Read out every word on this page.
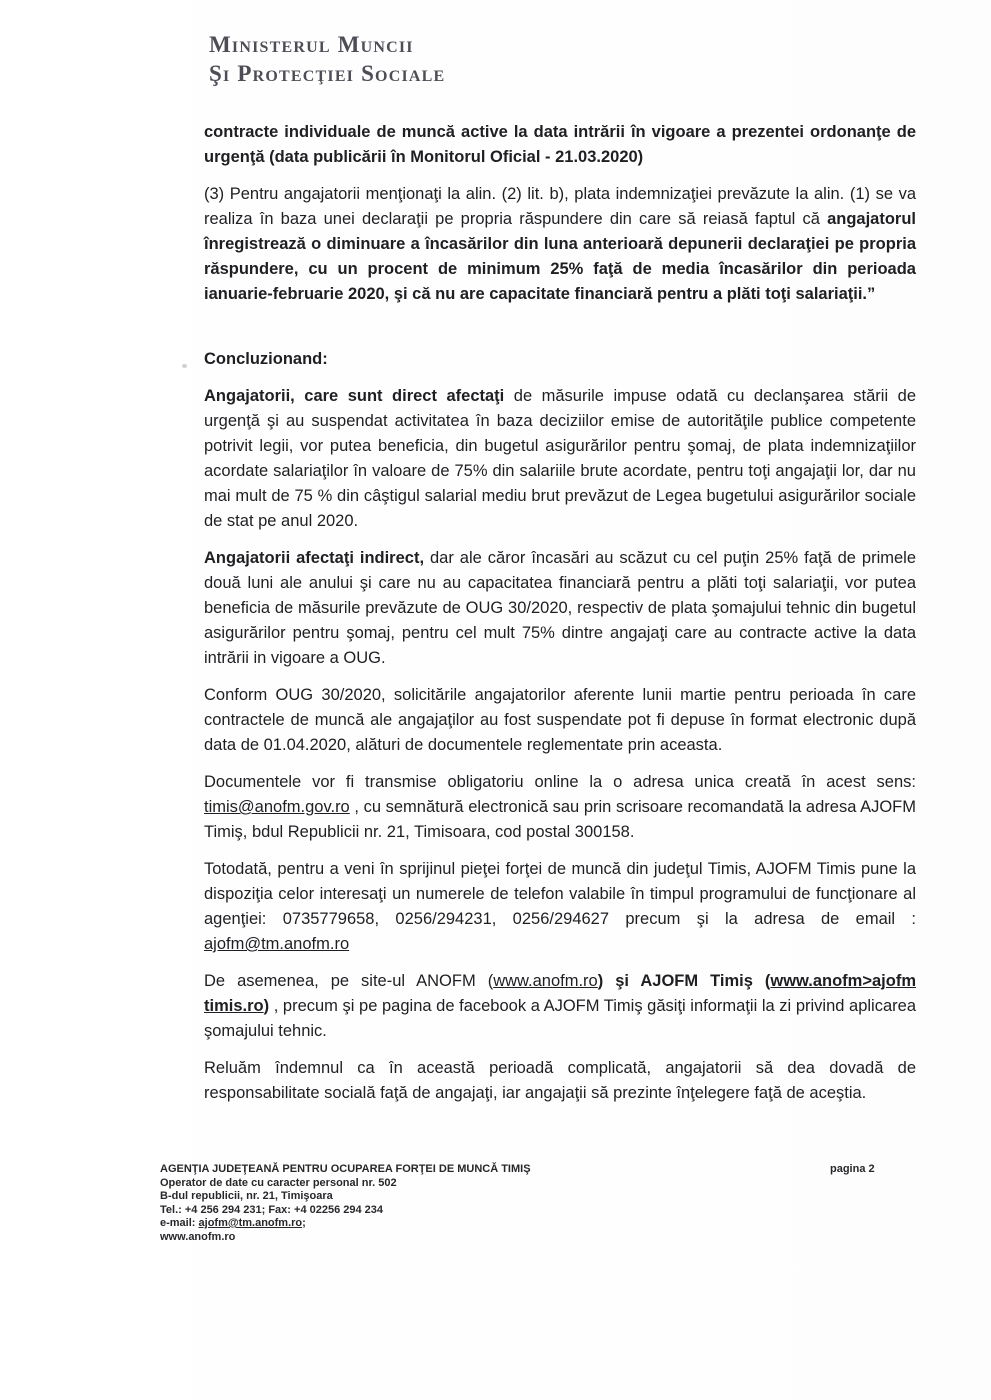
Ministerul Muncii
Şi Protecţiei Sociale

contracte individuale de muncă active la data intrării în vigoare a prezentei ordonanţe de urgenţă (data publicării în Monitorul Oficial - 21.03.2020)

(3) Pentru angajatorii menţionaţi la alin. (2) lit. b), plata indemnizaţiei prevăzute la alin. (1) se va realiza în baza unei declaraţii pe propria răspundere din care să reiasă faptul că angajatorul înregistrează o diminuare a încasărilor din luna anterioară depunerii declaraţiei pe propria răspundere, cu un procent de minimum 25% faţă de media încasărilor din perioada ianuarie-februarie 2020, şi că nu are capacitate financiară pentru a plăti toţi salariaţii.”

Concluzionand:

Angajatorii, care sunt direct afectaţi de măsurile impuse odată cu declanşarea stării de urgenţă şi au suspendat activitatea în baza deciziilor emise de autorităţile publice competente potrivit legii, vor putea beneficia, din bugetul asigurărilor pentru şomaj, de plata indemnizaţiilor acordate salariaţilor în valoare de 75% din salariile brute acordate, pentru toţi angajaţii lor, dar nu mai mult de 75 % din câştigul salarial mediu brut prevăzut de Legea bugetului asigurărilor sociale de stat pe anul 2020.

Angajatorii afectaţi indirect, dar ale căror încasări au scăzut cu cel puţin 25% faţă de primele două luni ale anului şi care nu au capacitatea financiară pentru a plăti toţi salariaţii, vor putea beneficia de măsurile prevăzute de OUG 30/2020, respectiv de plata şomajului tehnic din bugetul asigurărilor pentru şomaj, pentru cel mult 75% dintre angajaţi care au contracte active la data intrării in vigoare a OUG.

Conform OUG 30/2020, solicitările angajatorilor aferente lunii martie pentru perioada în care contractele de muncă ale angajaţilor au fost suspendate pot fi depuse în format electronic după data de 01.04.2020, alături de documentele reglementate prin aceasta.

Documentele vor fi transmise obligatoriu online la o adresa unica creată în acest sens: timis@anofm.gov.ro , cu semnătură electronică sau prin scrisoare recomandată la adresa AJOFM Timiş, bdul Republicii nr. 21, Timisoara, cod postal 300158.

Totodată, pentru a veni în sprijinul pieţei forţei de muncă din judeţul Timis, AJOFM Timis pune la dispoziţia celor interesaţi un numerele de telefon valabile în timpul programului de funcţionare al agenţiei: 0735779658, 0256/294231, 0256/294627 precum şi la adresa de email : ajofm@tm.anofm.ro

De asemenea, pe site-ul ANOFM (www.anofm.ro) şi AJOFM Timiş (www.anofm>ajofm timis.ro) , precum şi pe pagina de facebook a AJOFM Timiş găsiţi informaţii la zi privind aplicarea şomajului tehnic.

Reluăm îndemnul ca în această perioadă complicată, angajatorii să dea dovadă de responsabilitate socială faţă de angajaţi, iar angajaţii să prezinte înţelegere faţă de aceştia.

AGENŢIA JUDEŢEANĂ PENTRU OCUPAREA FORŢEI DE MUNCĂ TIMIŞ

Operator de date cu caracter personal nr. 502

B-dul republicii, nr. 21, Timişoara

Tel.: +4 256 294 231; Fax: +4 02256 294 234

e-mail: ajofm@tm.anofm.ro;

www.anofm.ro

pagina 2
